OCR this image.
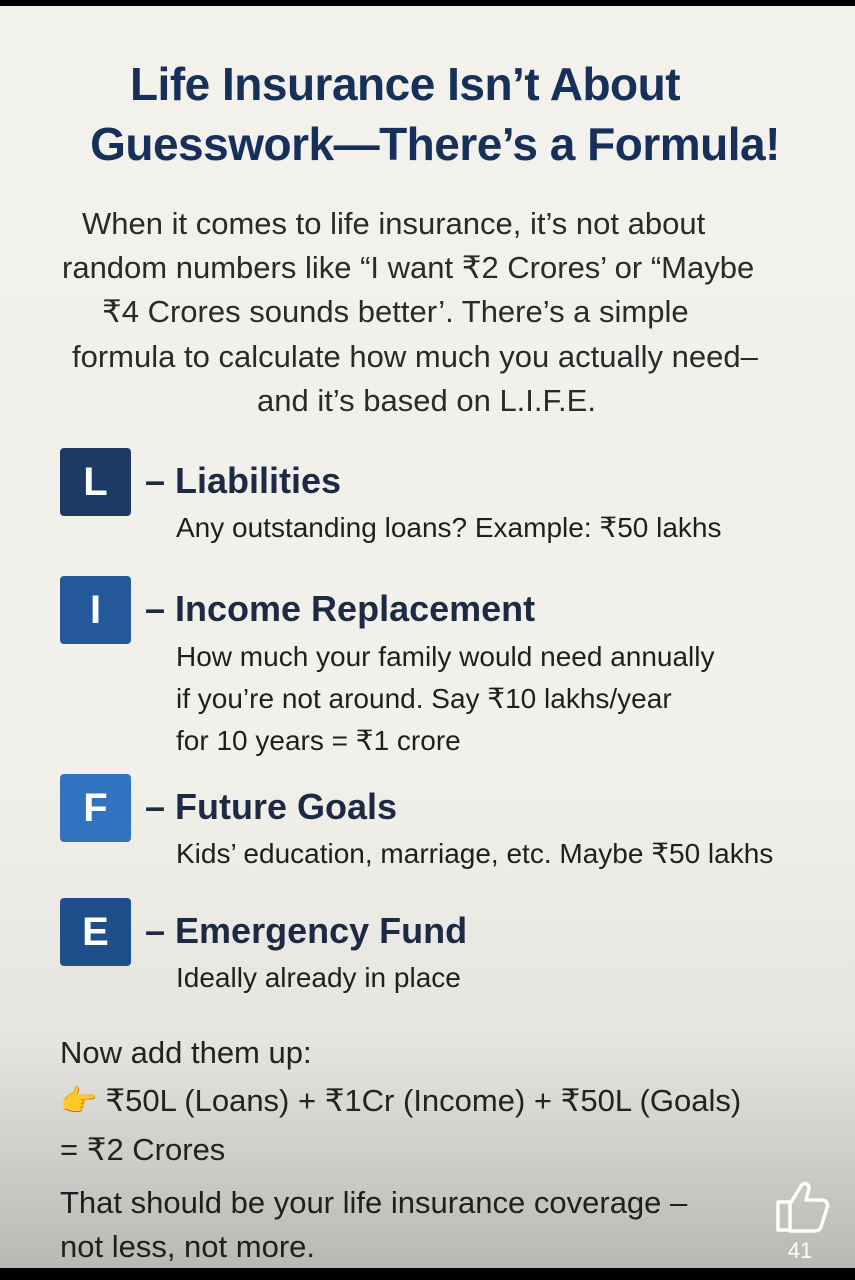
Life Insurance Isn’t About
Guesswork—There’s a Formula!
When it comes to life insurance, it’s not about
random numbers like “I want ₹2 Crores’ or “Maybe
₹4 Crores sounds better’. There’s a simple
formula to calculate how much you actually need–
and it’s based on L.I.F.E.
L	– Liabilities
Any outstanding loans? Example: ₹50 lakhs
I	– Income Replacement
How much your family would need annually
if you’re not around. Say ₹10 lakhs/year
for 10 years = ₹1 crore
F	– Future Goals
Kids’ education, marriage, etc. Maybe ₹50 lakhs
E	– Emergency Fund
Ideally already in place
Now add them up:
👉 ₹50L (Loans) + ₹1Cr (Income) + ₹50L (Goals)
= ₹2 Crores
That should be your life insurance coverage –
not less, not more.	41
